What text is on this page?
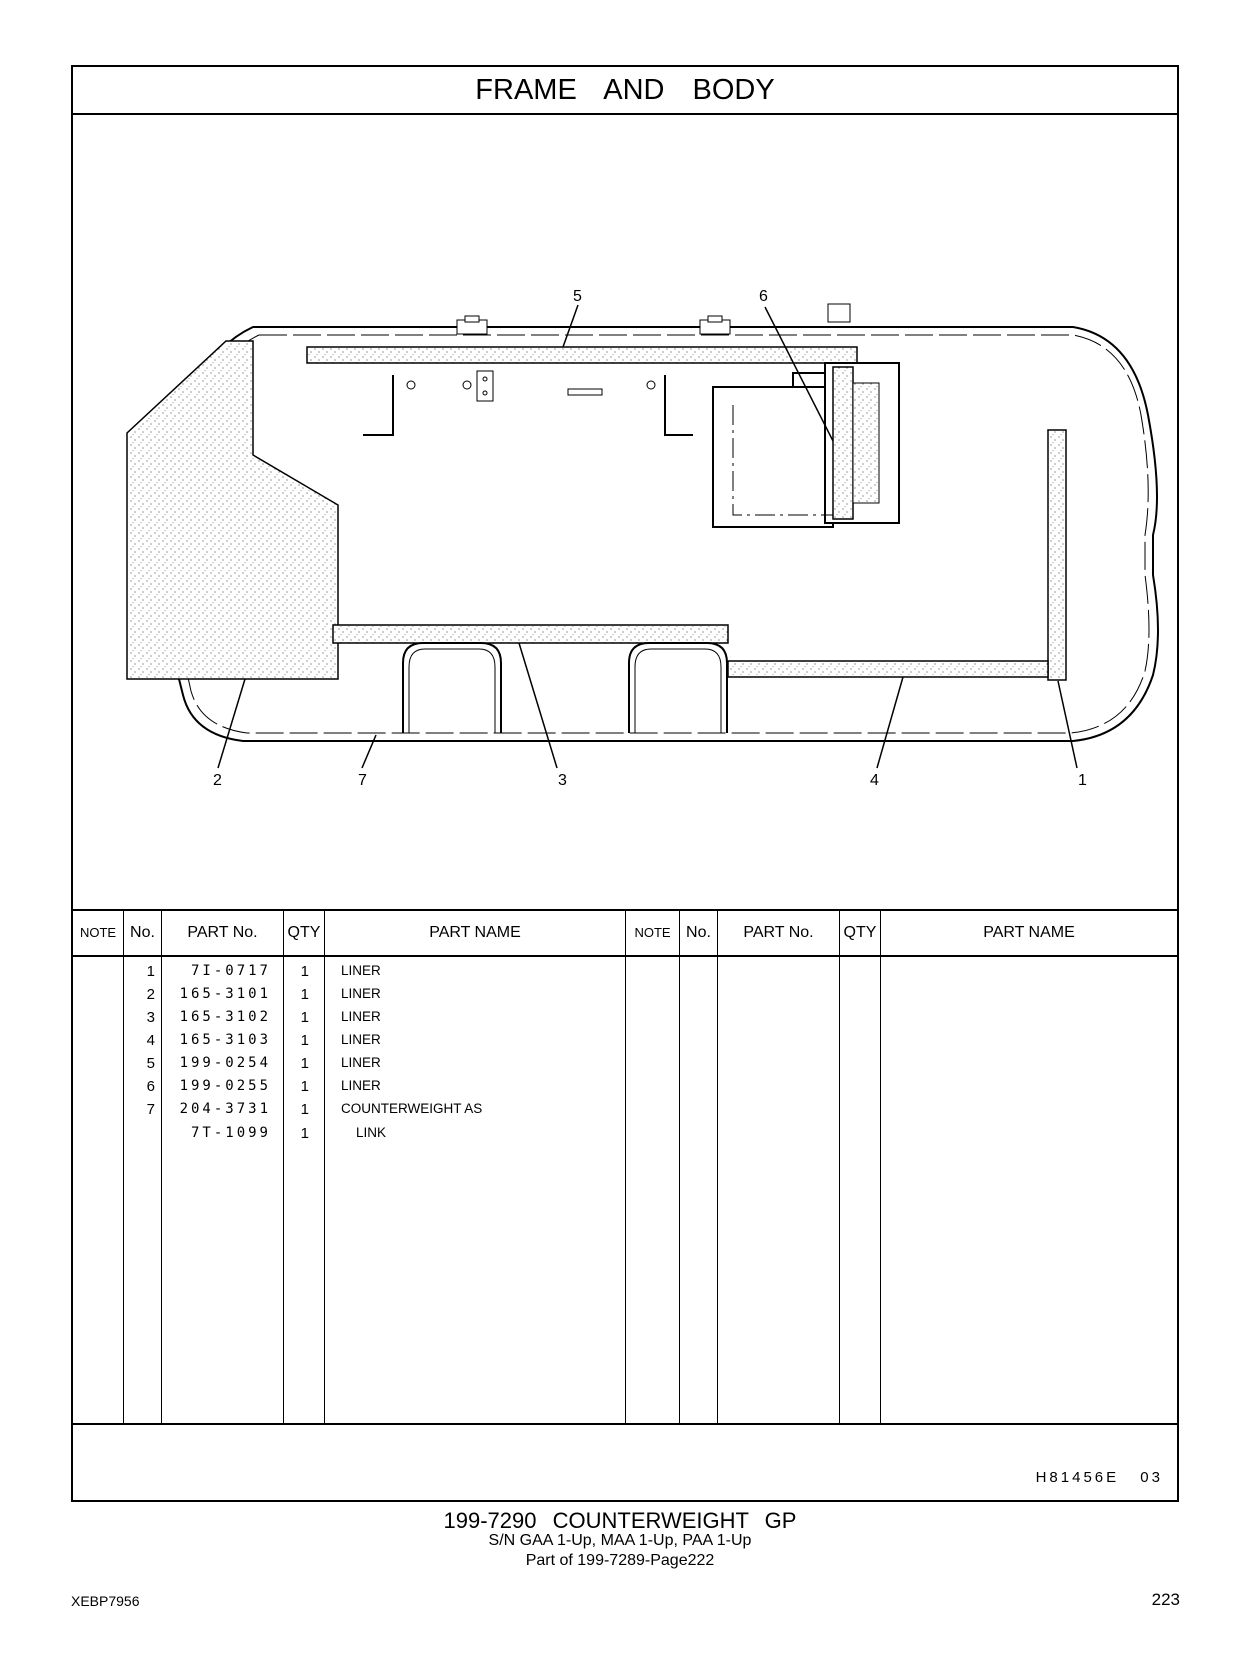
FRAME AND BODY
1
2	3	4
5	6
7
NOTE No.	PART No.	QTY	PART NAME	NOTE No.	PART No.	QTY	PART NAME
1	7I-0717	1 LINER
2	165-3101	1 LINER
3	165-3102	1 LINER
4	165-3103	1 LINER
5	199-0254	1 LINER
6	199-0255	1 LINER
7	204-3731	1 COUNTERWEIGHT AS
7T-1099	1	LINK
H81456E 03
199-7290 COUNTERWEIGHT GP
S/N GAA 1-Up, MAA 1-Up, PAA 1-Up
Part of 199-7289-Page222
XEBP7956	223
